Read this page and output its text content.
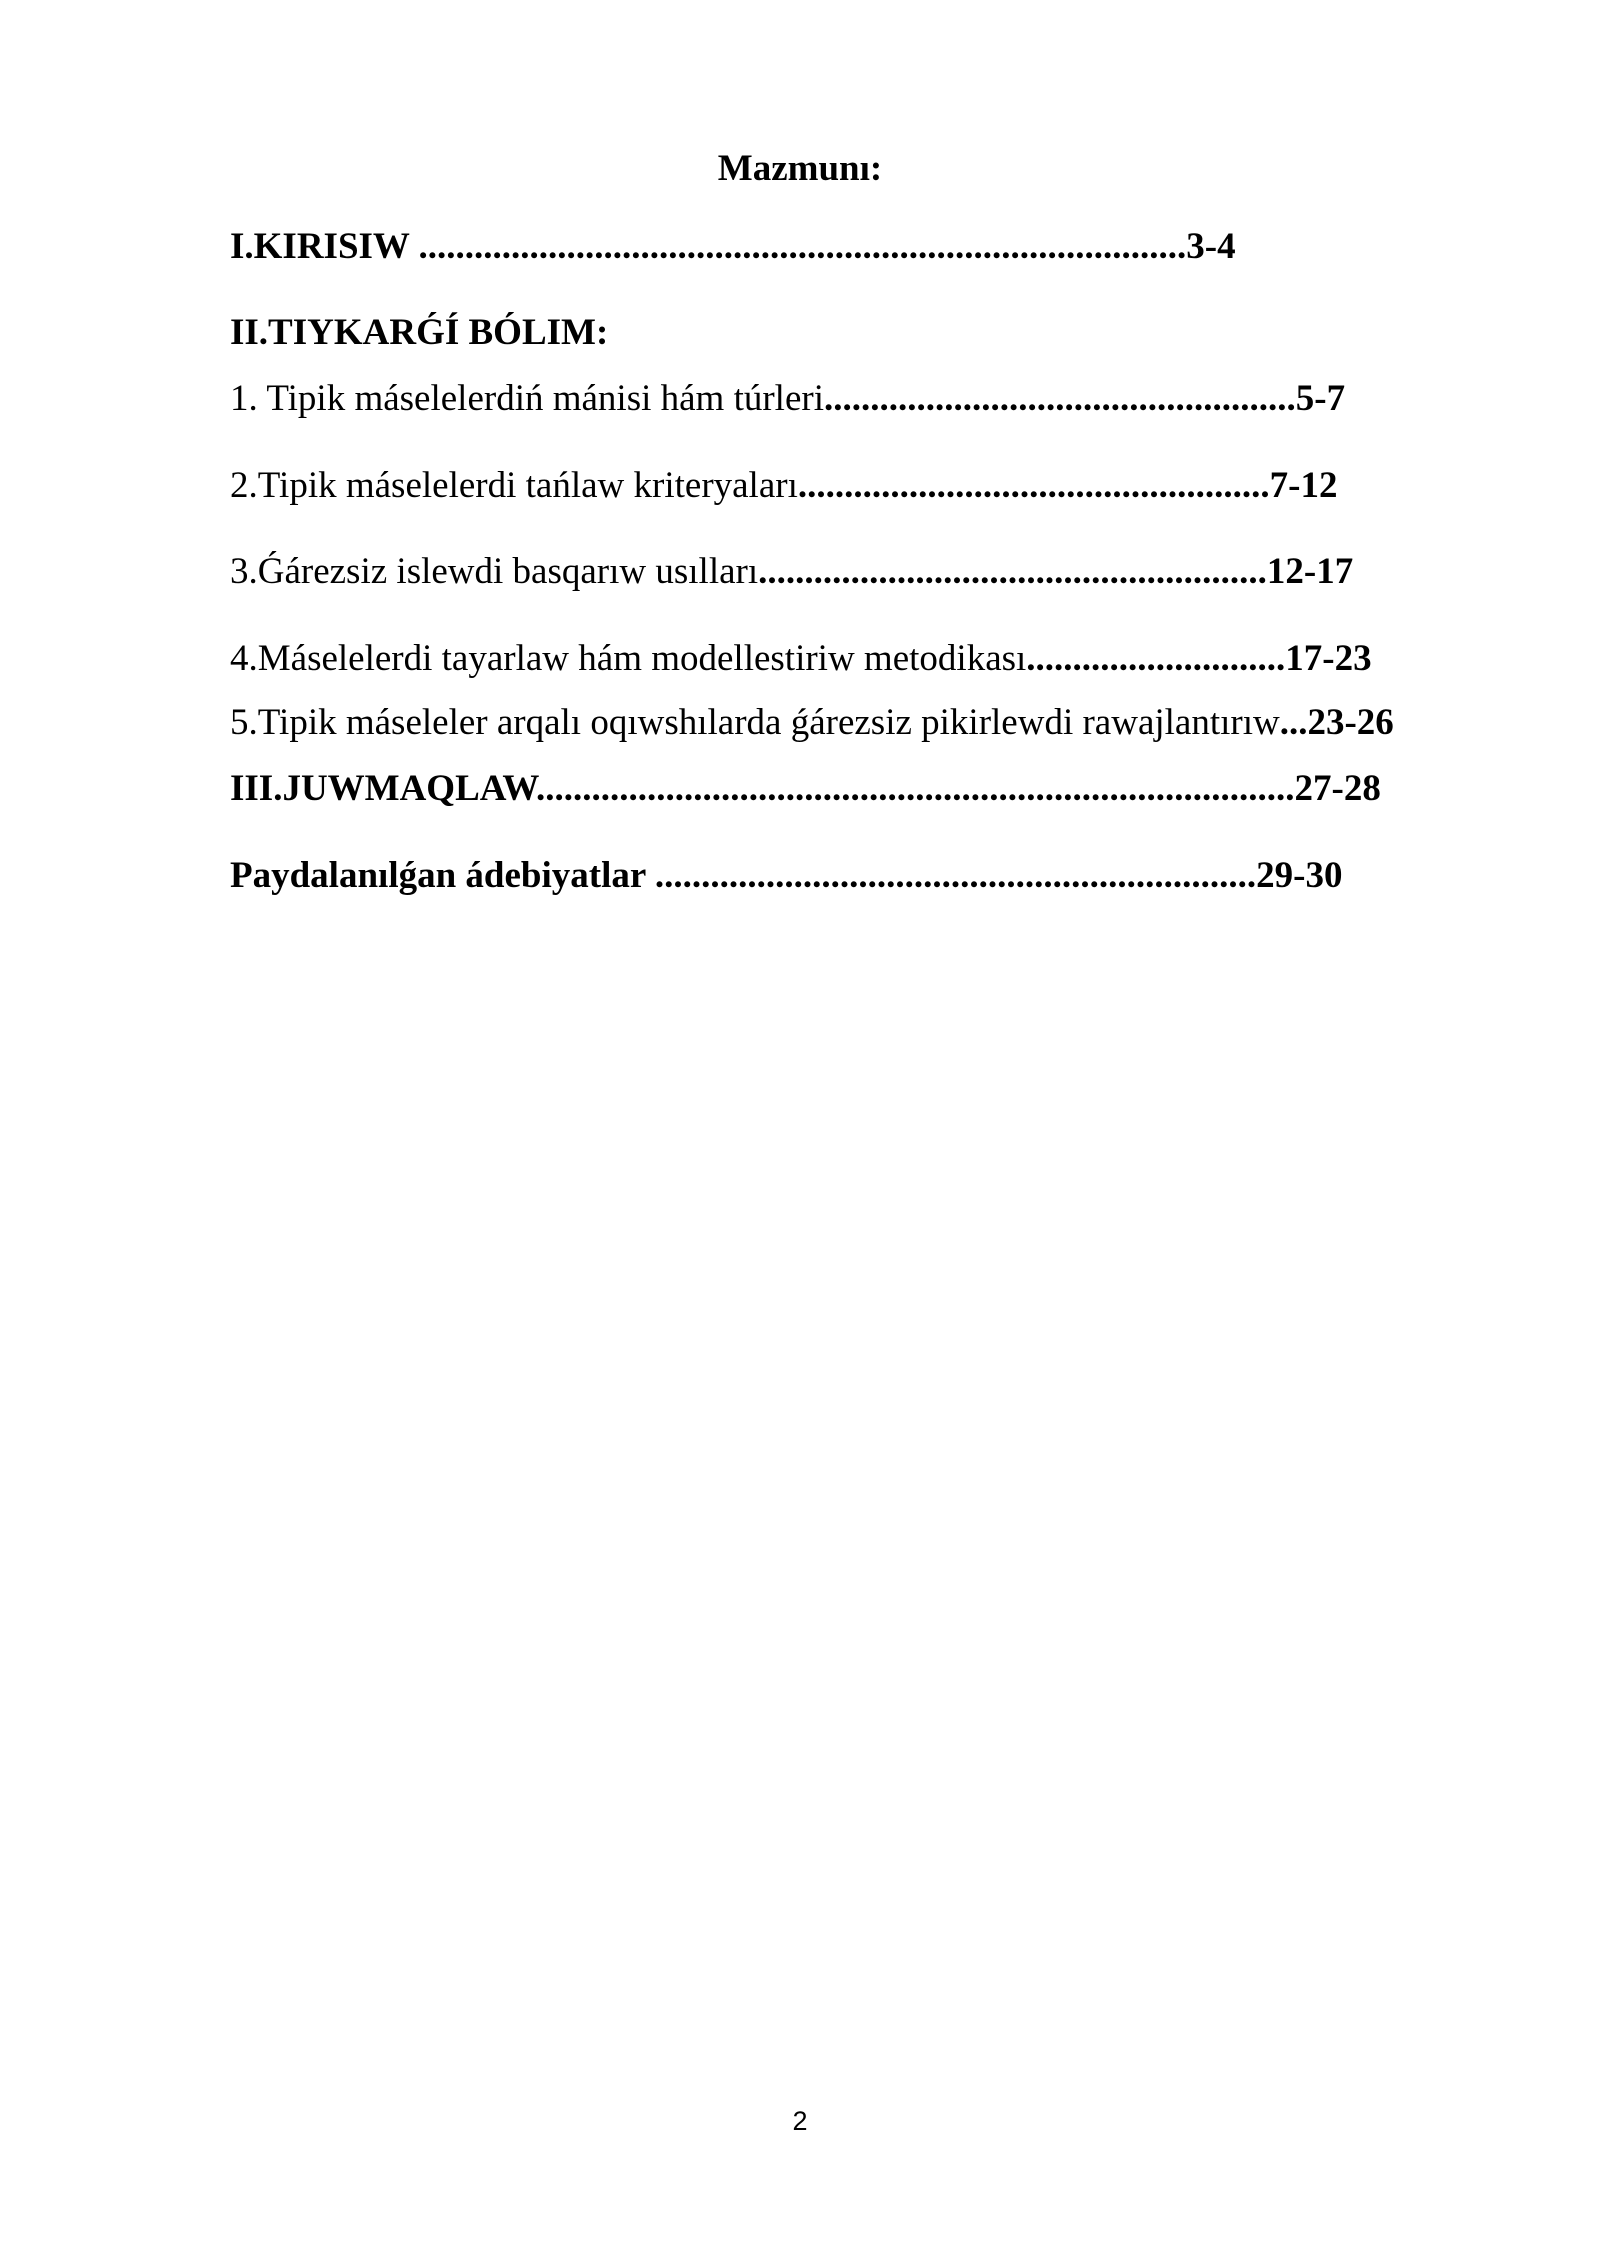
Mazmunı:
I.KIRISIW ...................................................................................3-4
II.TIYKARǴÍ BÓLIM:
1. Tipik máselelerdiń mánisi hám túrleri...................................................5-7
2.Tipik máselelerdi tańlaw kriteryaları...................................................7-12
3.Ǵárezsiz islewdi basqarıw usılları.......................................................12-17
4.Máselelerdi tayarlaw hám modellestiriw metodikası............................17-23
5.Tipik máseleler arqalı oqıwshılarda ǵárezsiz pikirlewdi rawajlantırıw...23-26
III.JUWMAQLAW..................................................................................27-28
Paydalanılǵan ádebiyatlar .................................................................29-30
2
